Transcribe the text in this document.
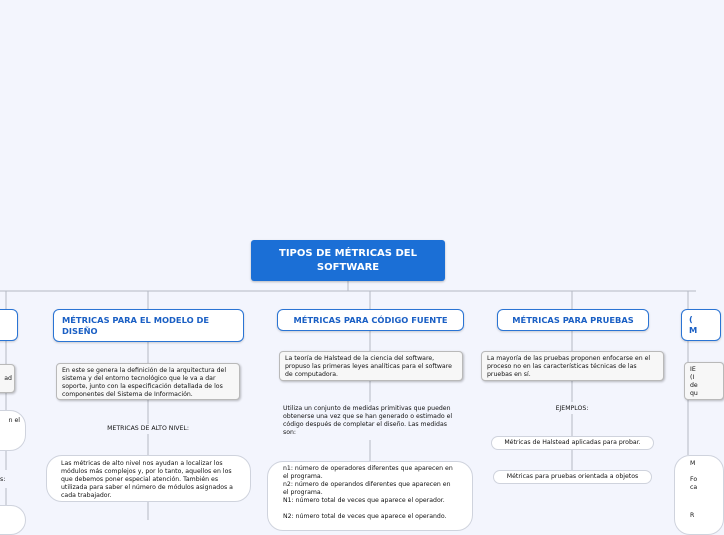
TIPOS DE MÉTRICAS DEL SOFTWARE
MÉTRICAS PARA EL MODELO DE DISEÑO
En este se genera la definición de la arquitectura del sistema y del entorno tecnológico que le va a dar soporte, junto con la especificación detallada de los componentes del Sistema de Información.
METRICAS DE ALTO NIVEL:
Las métricas de alto nivel nos ayudan a localizar los módulos más complejos y, por lo tanto, aquellos en los que debemos poner especial atención. También es utilizada para saber el número de módulos asignados a cada trabajador.
MÉTRICAS PARA CÓDIGO FUENTE
La teoría de Halstead de la ciencia del software, propuso las primeras leyes analíticas para el software de computadora.
Utiliza un conjunto de medidas primitivas que pueden obtenerse una vez que se han generado o estimado el código después de completar el diseño. Las medidas son:
n1: número de operadores diferentes que aparecen en el programa.
n2: número de operandos diferentes que aparecen en el programa.
N1: número total de veces que aparece el operador.
N2: número total de veces que aparece el operando.
MÉTRICAS PARA PRUEBAS
La mayoría de las pruebas proponen enfocarse en el proceso no en las características técnicas de las pruebas en sí.
EJEMPLOS:
Métricas de Halstead aplicadas para probar.
Métricas para pruebas orientada a objetos
ad
n el
s:
(
M
IE
(I
de
qu
M
Fo
ca
R
